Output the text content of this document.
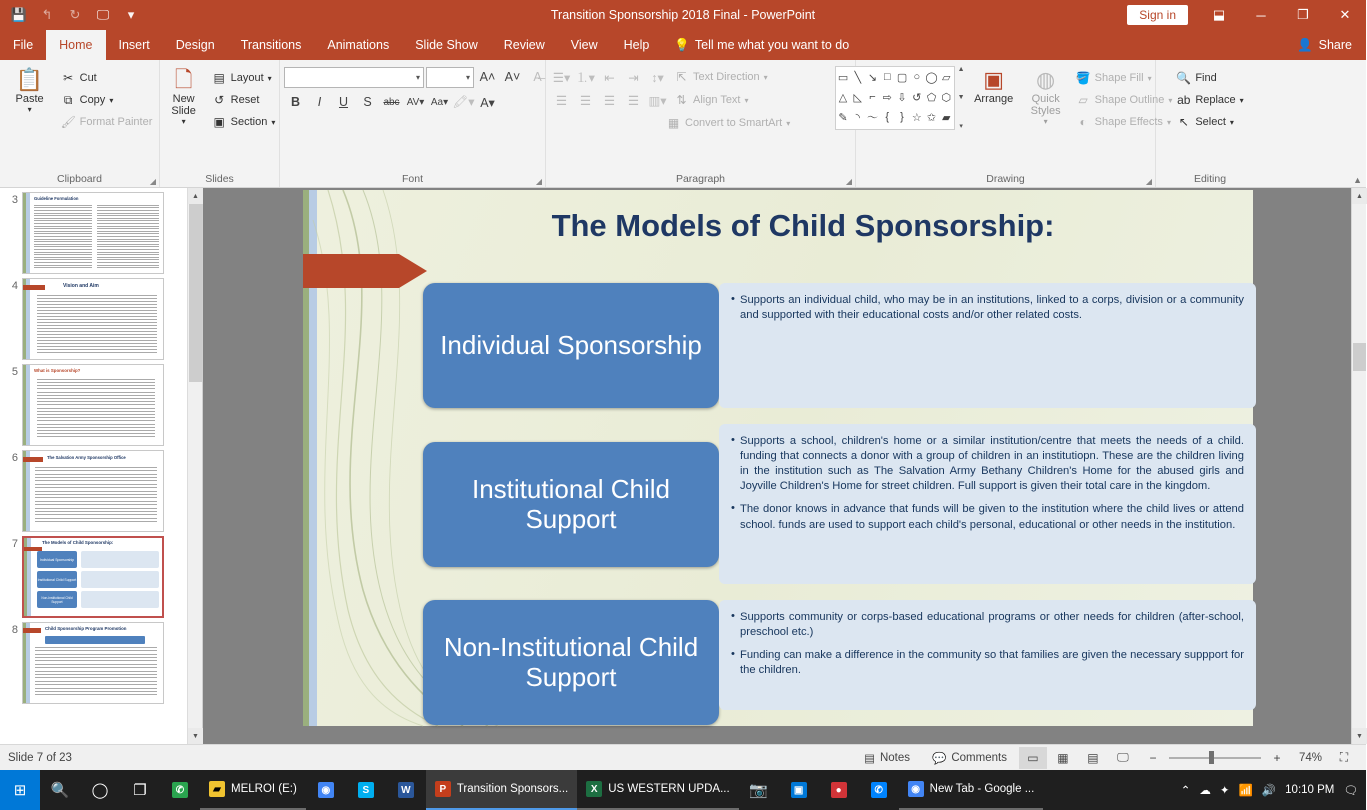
💾	↰	↻	🖵	▾	Transition Sponsorship 2018 Final - PowerPoint	Sign in	⬓	─	❐	✕
File	Home	Insert	Design	Transitions	Animations	Slide Show	Review	View	Help	💡 Tell me what you want to do	👤 Share
📋
Paste
▾
✂ Cut
⧉ Copy ▾
🖌 Format Painter
Clipboard	◢
🗋
New Slide
▾
▤ Layout ▾
↺ Reset
▣ Section ▾
Slides
▾	▾ A˄ A˅	A̶
B	I	U	S	abc AV▾ Aa▾ 🖍▾ A▾
Font	◢
☰▾ ⒈▾ ⇤	⇥	↕▾	⇱ Text Direction ▾
☰	☰	☰	☰ ▥▾ ⇅ Align Text ▾
▦ Convert to SmartArt ▾
Paragraph	◢
▭ ╲ ↘ □ ▢ ○ ◯ ▱
△ ◺ ⌐ ⇨ ⇩ ↺ ⬠ ⬡
✎ ◝ 〜 {	} ☆ ✩ ▰
▲
▼
▾
▣
Arrange
◍
Quick Styles
▾
🪣 Shape Fill ▾
▱ Shape Outline ▾
◐ Shape Effects ▾
Drawing	◢
🔍 Find
ab Replace ▾
↖ Select ▾
Editing	▲
3	Guideline Formulation
4	Vision and Aim
5	What is Sponsorship?
6	The Salvation Army Sponsorship Office
7	The Models of Child Sponsorship:
Individual Sponsorship
Institutional Child Support
Non-Institutional Child Support
8	Child Sponsorship Program Promotion
▲
▼
The Models of Child Sponsorship:
Individual Sponsorship

• Supports an individual child, who may be in an institutions, linked to a corps, division or a community and supported with their educational costs and/or other related costs.

Institutional Child Support

• Supports a school, children's home or a similar institution/centre that meets the needs of a child. funding that connects a donor with a group of children in an institutiopn. These are the children living in the institution such as The Salvation Army Bethany Children's Home for the abused girls and Joyville Children's Home for street children. Full support is given their total care in the kingdom.

• The donor knows in advance that funds will be given to the institution where the child lives or attend school. funds are used to support each child's personal, educational or other needs in the institution.

Non-Institutional Child Support

• Supports community or corps-based educational programs or other needs for children (after-school, preschool etc.)

• Funding can make a difference in the community so that families are given the necessary suppport for the children.

▲
▼
Slide 7 of 23	▤ Notes 💬 Comments	▭	▦	▤	🖵	−	+	74%	⛶
⊞	🔍	◯	❐	✆	▰ MELROI (E:)	◉	S	W	P Transition Sponsors...	X US WESTERN UPDA...	📷	▣	●	✆	◉ New Tab - Google ...	⌃ ☁ ✦ 📶 🔊 10:10 PM 🗨
